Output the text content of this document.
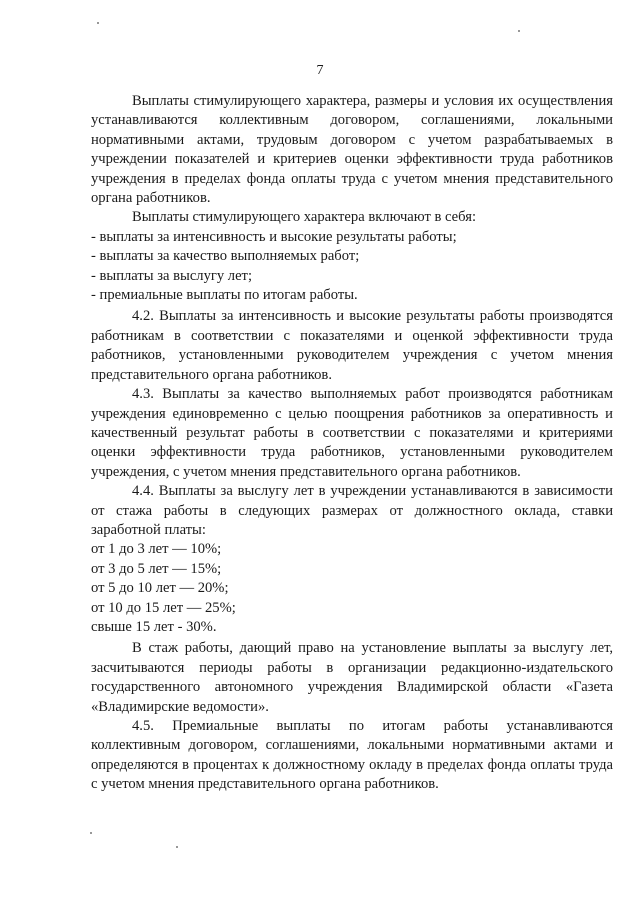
7

Выплаты стимулирующего характера, размеры и условия их осуществления устанавливаются коллективным договором, соглашениями, локальными нормативными актами, трудовым договором с учетом разрабатываемых в учреждении показателей и критериев оценки эффективности труда работников учреждения в пределах фонда оплаты труда с учетом мнения представительного органа работников.

Выплаты стимулирующего характера включают в себя:

- выплаты за интенсивность и высокие результаты работы;

- выплаты за качество выполняемых работ;

- выплаты за выслугу лет;

- премиальные выплаты по итогам работы.

4.2. Выплаты за интенсивность и высокие результаты работы производятся работникам в соответствии с показателями и оценкой эффективности труда работников, установленными руководителем учреждения с учетом мнения представительного органа работников.

4.3. Выплаты за качество выполняемых работ производятся работникам учреждения единовременно с целью поощрения работников за оперативность и качественный результат работы в соответствии с показателями и критериями оценки эффективности труда работников, установленными руководителем учреждения, с учетом мнения представительного органа работников.

4.4. Выплаты за выслугу лет в учреждении устанавливаются в зависимости от стажа работы в следующих размерах от должностного оклада, ставки заработной платы:

от 1 до 3 лет — 10%;

от 3 до 5 лет — 15%;

от 5 до 10 лет — 20%;

от 10 до 15 лет — 25%;

свыше 15 лет - 30%.

В стаж работы, дающий право на установление выплаты за выслугу лет, засчитываются периоды работы в организации редакционно-издательского государственного автономного учреждения Владимирской области «Газета «Владимирские ведомости».

4.5. Премиальные выплаты по итогам работы устанавливаются коллективным договором, соглашениями, локальными нормативными актами и определяются в процентах к должностному окладу в пределах фонда оплаты труда с учетом мнения представительного органа работников.
